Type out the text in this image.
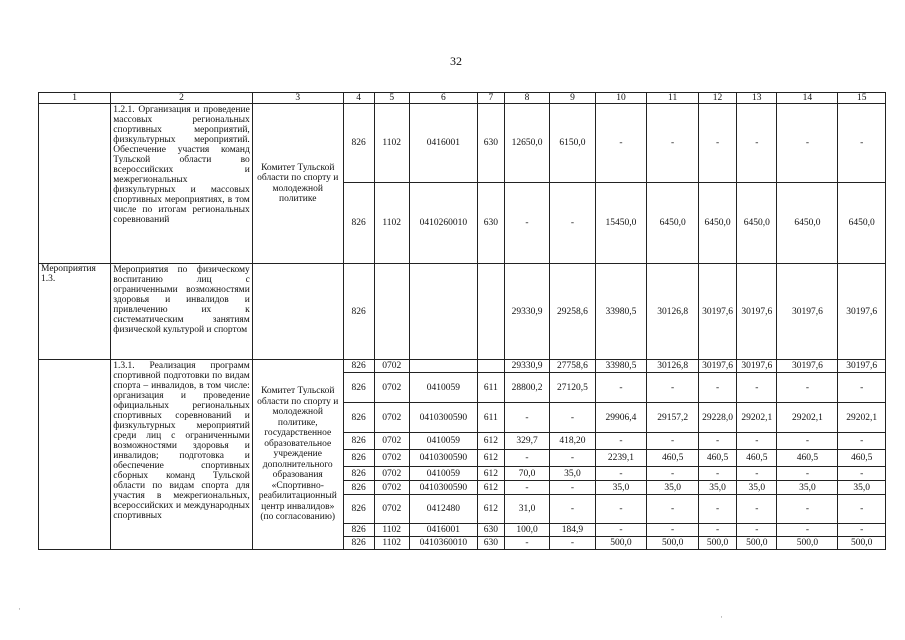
32
1	2	3	4	5	6	7	8	9	10	11	12	13	14	15
	1.2.1. Организация и проведение массовых региональных спортивных мероприятий, физкультурных мероприятий. Обеспечение участия команд Тульской области во всероссийских и межрегиональных физкультурных и массовых спортивных мероприятиях, в том числе по итогам региональных соревнований	Комитет Тульской области по спорту и молодежной политике	826	1102	0416001	630	12650,0	6150,0	-	-	-	-	-	-
			826	1102	0410260010	630	-	-	15450,0	6450,0	6450,0	6450,0	6450,0	6450,0
Мероприятия 1.3.	Мероприятия по физическому воспитанию лиц с ограниченными возможностями здоровья и инвалидов и привлечению их к систематическим занятиям физической культурой и спортом		826				29330,9	29258,6	33980,5	30126,8	30197,6	30197,6	30197,6	30197,6
	1.3.1. Реализация программ спортивной подготовки по видам спорта – инвалидов, в том числе: организация и проведение официальных региональных спортивных соревнований и физкультурных мероприятий среди лиц с ограниченными возможностями здоровья и инвалидов; подготовка и обеспечение спортивных сборных команд Тульской области по видам спорта для участия в межрегиональных, всероссийских и международных спортивных	Комитет Тульской области по спорту и молодежной политике, государственное образовательное учреждение дополнительного образования «Спортивно-реабилитационный центр инвалидов» (по согласованию)	826	0702			29330,9	27758,6	33980,5	30126,8	30197,6	30197,6	30197,6	30197,6
			826	0702	0410059	611	28800,2	27120,5	-	-	-	-	-	-
			826	0702	0410300590	611	-	-	29906,4	29157,2	29228,0	29202,1	29202,1	29202,1
			826	0702	0410059	612	329,7	418,20	-	-	-	-	-	-
			826	0702	0410300590	612	-	-	2239,1	460,5	460,5	460,5	460,5	460,5
			826	0702	0410059	612	70,0	35,0	-	-	-	-	-	-
			826	0702	0410300590	612	-	-	35,0	35,0	35,0	35,0	35,0	35,0
			826	0702	0412480	612	31,0	-	-	-	-	-	-	-
			826	1102	0416001	630	100,0	184,9	-	-	-	-	-	-
			826	1102	0410360010	630	-	-	500,0	500,0	500,0	500,0	500,0	500,0
·
·
